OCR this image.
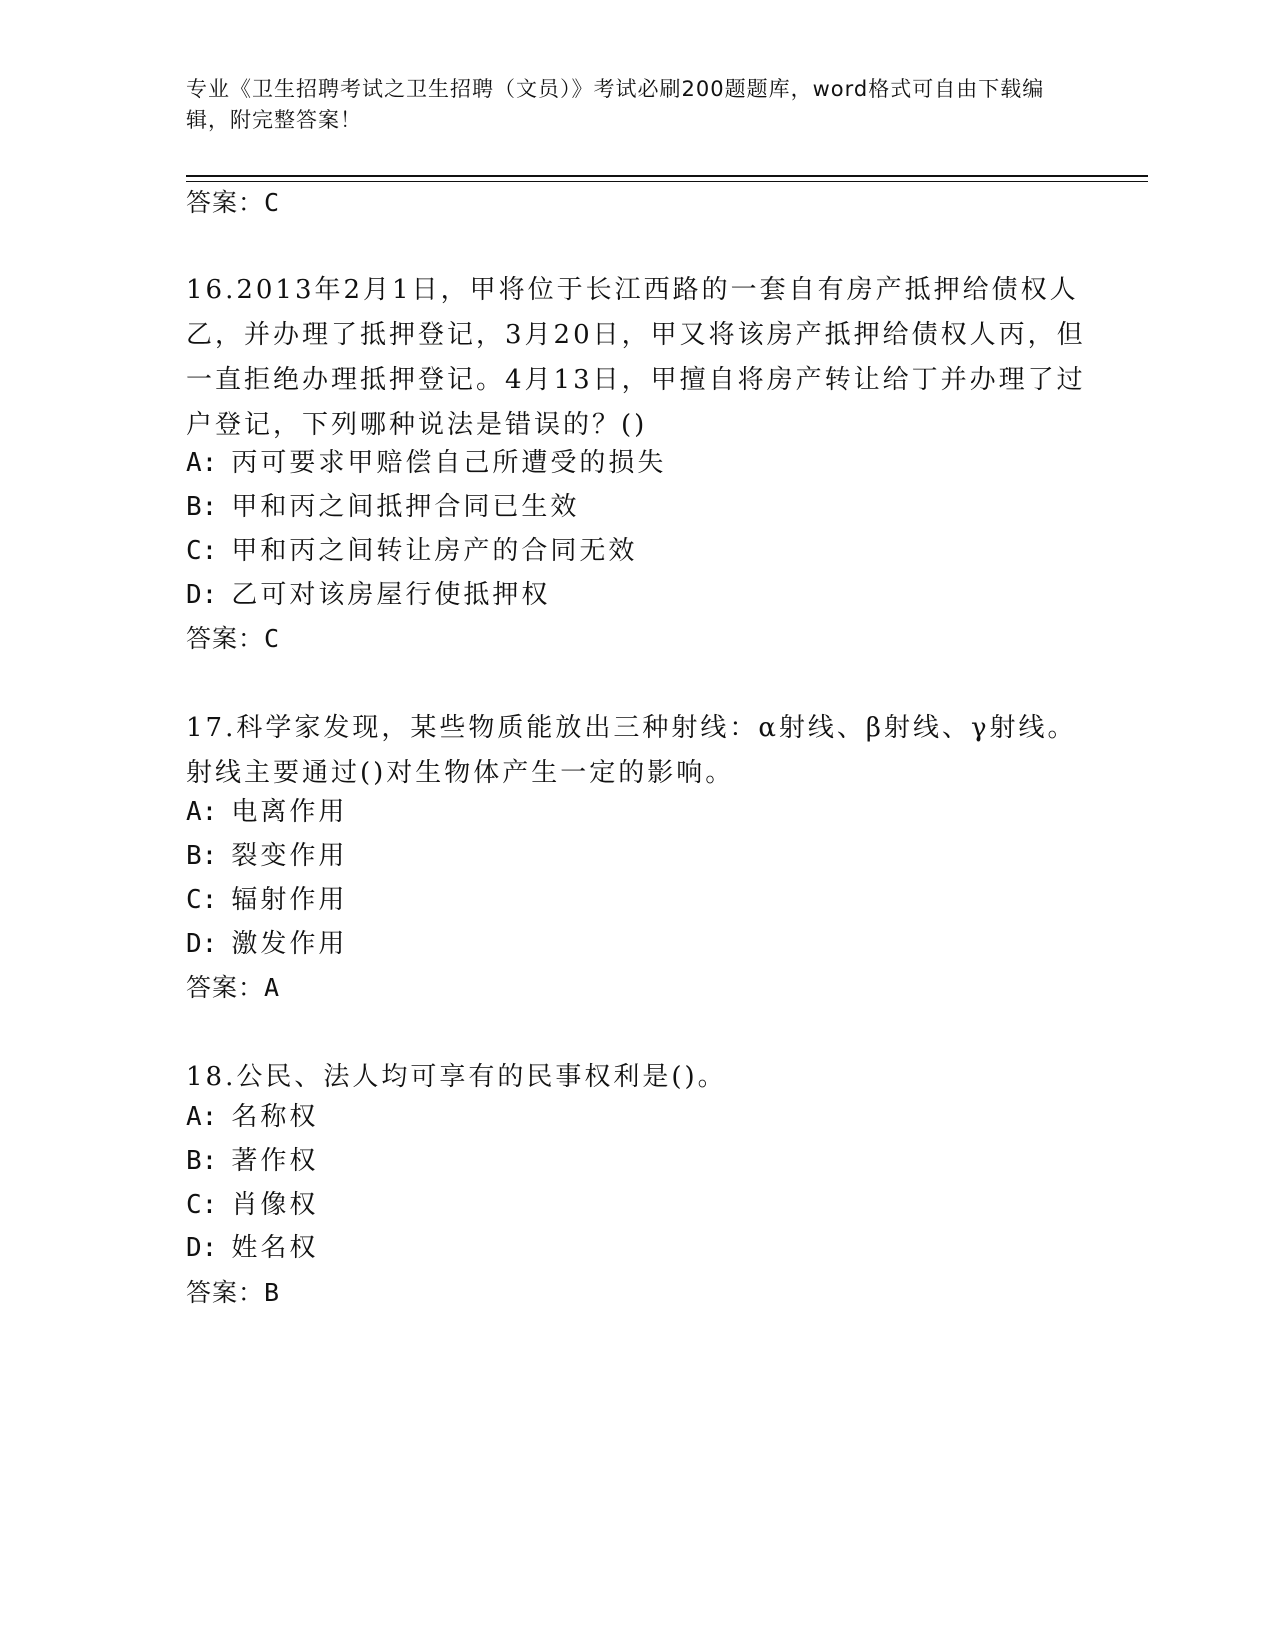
专业《卫生招聘考试之卫生招聘（文员）》考试必刷200题题库，word格式可自由下载编辑，附完整答案！
答案：C
16.2013年2月1日，甲将位于长江西路的一套自有房产抵押给债权人乙，并办理了抵押登记，3月20日，甲又将该房产抵押给债权人丙，但一直拒绝办理抵押登记。4月13日，甲擅自将房产转让给丁并办理了过户登记，下列哪种说法是错误的？()
A: 丙可要求甲赔偿自己所遭受的损失
B: 甲和丙之间抵押合同已生效
C: 甲和丙之间转让房产的合同无效
D: 乙可对该房屋行使抵押权
答案：C
17.科学家发现，某些物质能放出三种射线：α射线、β射线、γ射线。射线主要通过()对生物体产生一定的影响。
A: 电离作用
B: 裂变作用
C: 辐射作用
D: 激发作用
答案：A
18.公民、法人均可享有的民事权利是()。
A: 名称权
B: 著作权
C: 肖像权
D: 姓名权
答案：B
